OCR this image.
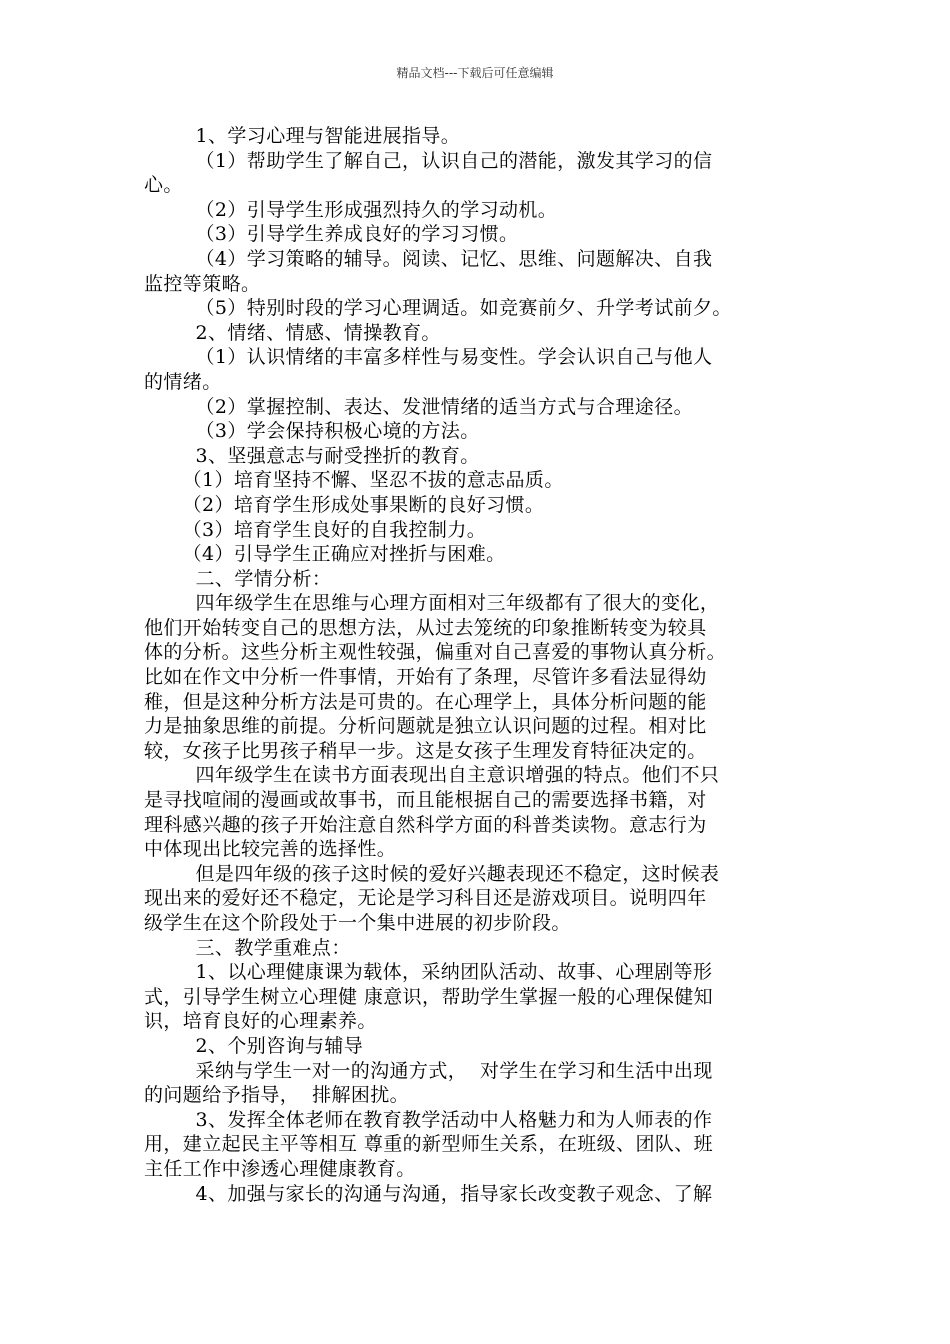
精品文档---下载后可任意编辑

1、学习心理与智能进展指导。

（1）帮助学生了解自己，认识自己的潜能，激发其学习的信

心。

（2）引导学生形成强烈持久的学习动机。

（3）引导学生养成良好的学习习惯。

（4）学习策略的辅导。阅读、记忆、思维、问题解决、自我

监控等策略。

（5）特别时段的学习心理调适。如竞赛前夕、升学考试前夕。

2、情绪、情感、情操教育。

（1）认识情绪的丰富多样性与易变性。学会认识自己与他人

的情绪。

（2）掌握控制、表达、发泄情绪的适当方式与合理途径。

（3）学会保持积极心境的方法。

3、坚强意志与耐受挫折的教育。

（1）培育坚持不懈、坚忍不拔的意志品质。

（2）培育学生形成处事果断的良好习惯。

（3）培育学生良好的自我控制力。

（4）引导学生正确应对挫折与困难。

二、学情分析：

四年级学生在思维与心理方面相对三年级都有了很大的变化，

他们开始转变自己的思想方法，从过去笼统的印象推断转变为较具

体的分析。这些分析主观性较强，偏重对自己喜爱的事物认真分析。

比如在作文中分析一件事情，开始有了条理，尽管许多看法显得幼

稚，但是这种分析方法是可贵的。在心理学上，具体分析问题的能

力是抽象思维的前提。分析问题就是独立认识问题的过程。相对比

较，女孩子比男孩子稍早一步。这是女孩子生理发育特征决定的。

四年级学生在读书方面表现出自主意识增强的特点。他们不只

是寻找喧闹的漫画或故事书，而且能根据自己的需要选择书籍，对

理科感兴趣的孩子开始注意自然科学方面的科普类读物。意志行为

中体现出比较完善的选择性。

但是四年级的孩子这时候的爱好兴趣表现还不稳定，这时候表

现出来的爱好还不稳定，无论是学习科目还是游戏项目。说明四年

级学生在这个阶段处于一个集中进展的初步阶段。

三、教学重难点：

1、以心理健康课为载体，采纳团队活动、故事、心理剧等形

式，引导学生树立心理健 康意识，帮助学生掌握一般的心理保健知

识，培育良好的心理素养。

2、个别咨询与辅导

采纳与学生一对一的沟通方式，  对学生在学习和生活中出现

的问题给予指导，  排解困扰。

3、发挥全体老师在教育教学活动中人格魅力和为人师表的作

用，建立起民主平等相互 尊重的新型师生关系，在班级、团队、班

主任工作中渗透心理健康教育。

4、加强与家长的沟通与沟通，指导家长改变教子观念、了解
